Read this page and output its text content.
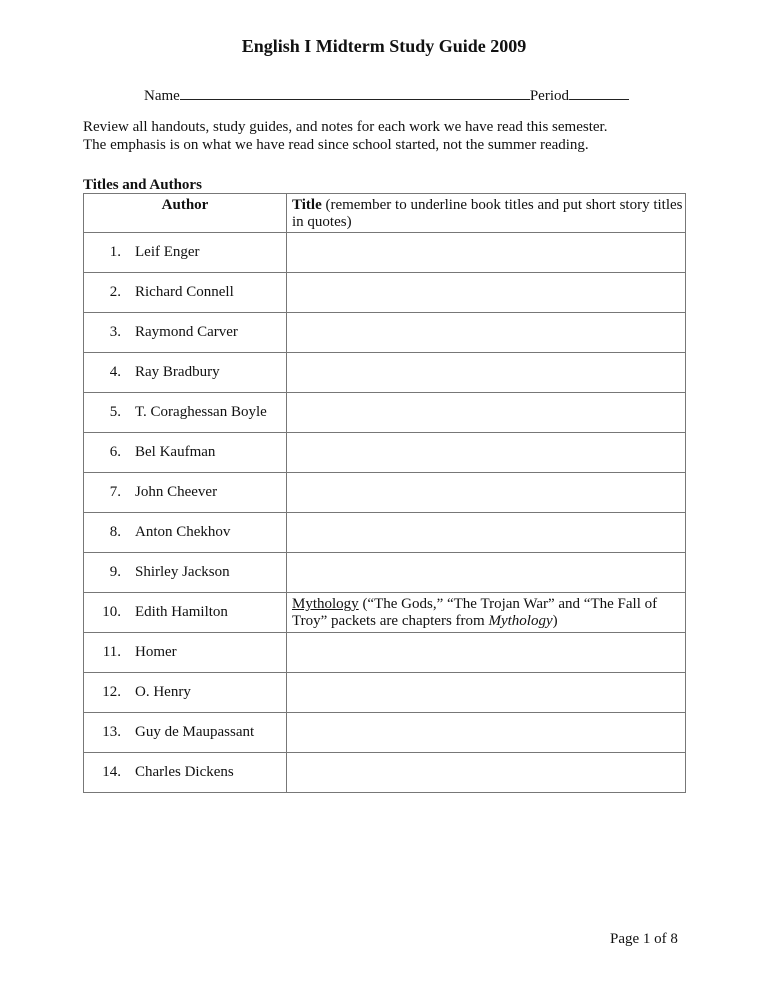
English I Midterm Study Guide 2009
Name	Period
Review all handouts, study guides, and notes for each work we have read this semester.
The emphasis is on what we have read since school started, not the summer reading.
Titles and Authors
Author	Title (remember to underline book titles and put short story titles in quotes)
1. Leif Enger	
2. Richard Connell	
3. Raymond Carver	
4. Ray Bradbury	
5. T. Coraghessan Boyle	
6. Bel Kaufman	
7. John Cheever	
8. Anton Chekhov	
9. Shirley Jackson	
10. Edith Hamilton	Mythology (“The Gods,” “The Trojan War” and “The Fall of Troy” packets are chapters from Mythology)
11. Homer	
12. O. Henry	
13. Guy de Maupassant	
14. Charles Dickens	
Page 1 of 8
